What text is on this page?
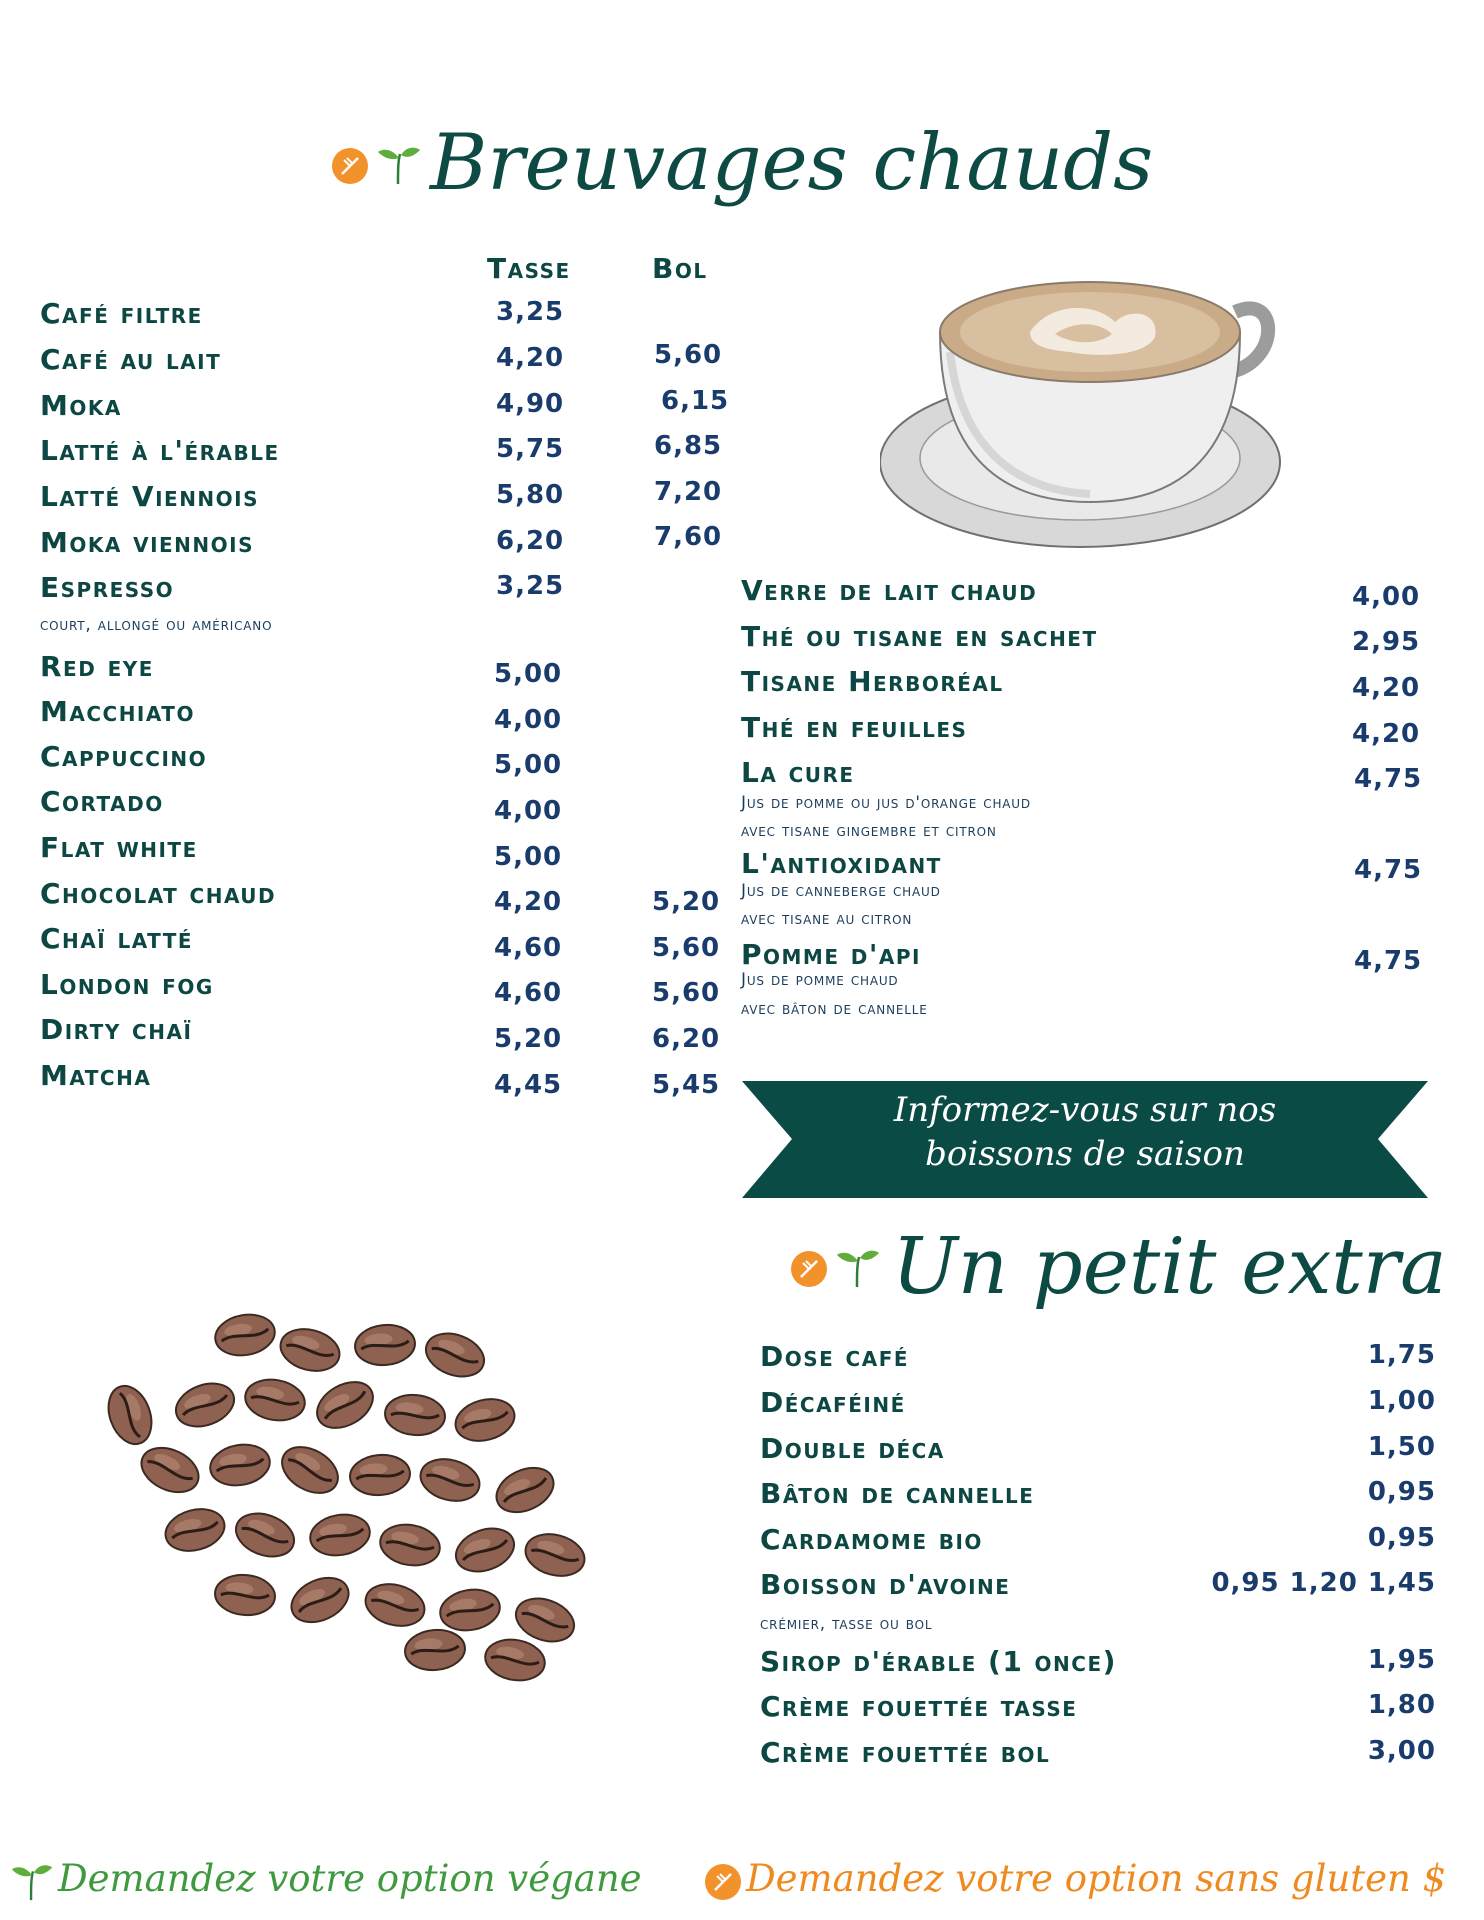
Breuvages chauds
Tasse	Bol
Café filtre	3,25
Café au lait	4,20	5,60
Moka	4,90	6,15
Latté à l'érable	5,75	6,85
Latté Viennois	5,80	7,20
Moka viennois	6,20	7,60
Espresso	3,25
court, allongé ou américano
Red eye	5,00
Macchiato	4,00
Cappuccino	5,00
Cortado	4,00
Flat white	5,00
Chocolat chaud	4,20	5,20
Chaï latté	4,60	5,60
London fog	4,60	5,60
Dirty chaï	5,20	6,20
Matcha	4,45	5,45
Verre de lait chaud	4,00
Thé ou tisane en sachet	2,95
Tisane Herboréal	4,20
Thé en feuilles	4,20
La cure	4,75
Jus de pomme ou jus d'orange chaud
avec tisane gingembre et citron
L'antioxidant	4,75
Jus de canneberge chaud
avec tisane au citron
Pomme d'api	4,75
Jus de pomme chaud
avec bâton de cannelle
Informez-vous sur nos
boissons de saison
Un petit extra
Dose café	1,75
Décaféiné	1,00
Double déca	1,50
Bâton de cannelle	0,95
Cardamome bio	0,95
Boisson d'avoine	0,95 1,20 1,45
crémier, tasse ou bol
Sirop d'érable (1 once)	1,95
Crème fouettée tasse	1,80
Crème fouettée bol	3,00
Demandez votre option végane	Demandez votre option sans gluten $
